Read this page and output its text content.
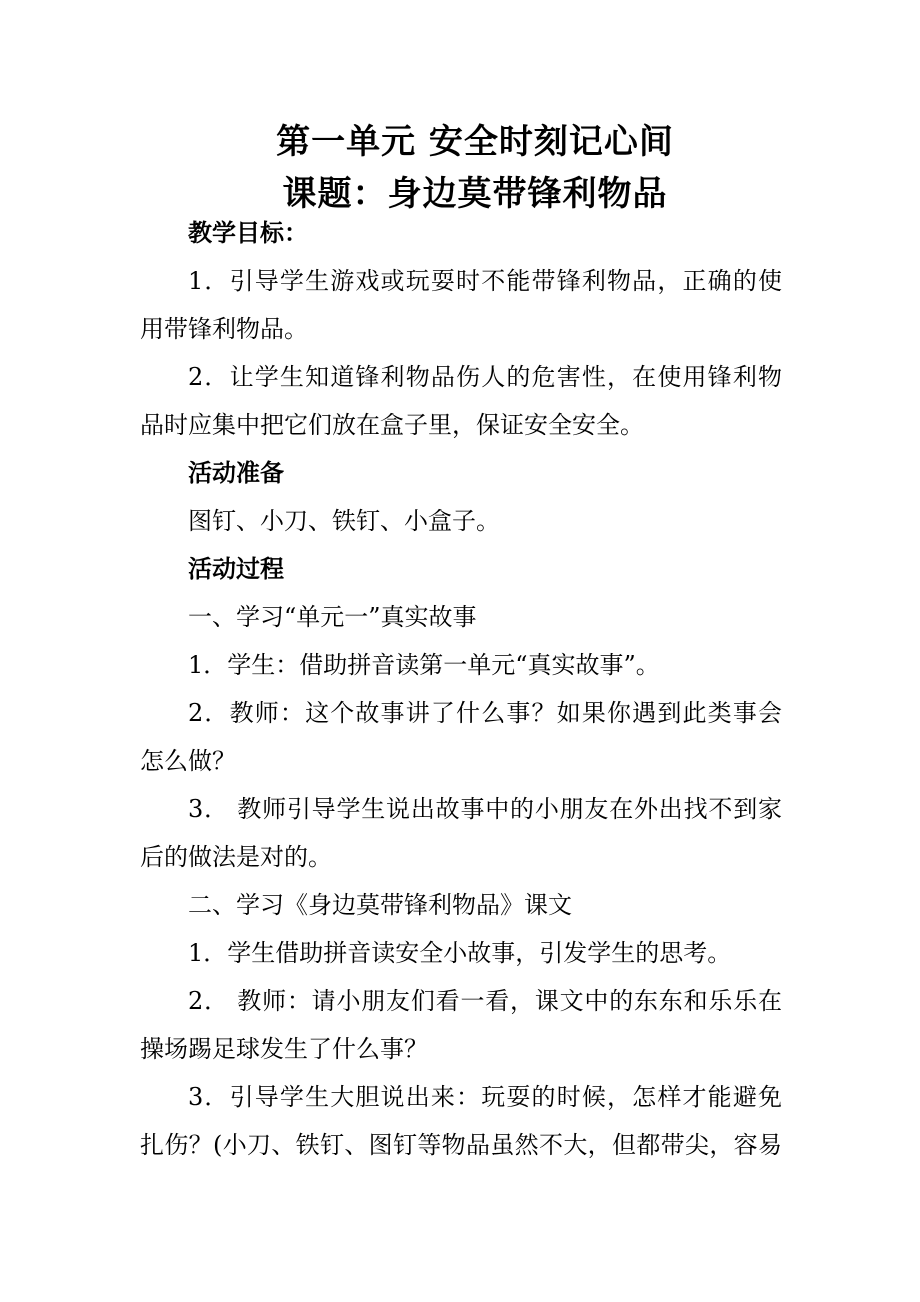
第一单元 安全时刻记心间
课题：身边莫带锋利物品
教学目标：
1．引导学生游戏或玩耍时不能带锋利物品，正确的使
用带锋利物品。
2．让学生知道锋利物品伤人的危害性，在使用锋利物
品时应集中把它们放在盒子里，保证安全安全。
活动准备
图钉、小刀、铁钉、小盒子。
活动过程
一、学习“单元一”真实故事
1．学生：借助拼音读第一单元“真实故事”。
2．教师：这个故事讲了什么事？如果你遇到此类事会
怎么做？
3． 教师引导学生说出故事中的小朋友在外出找不到家
后的做法是对的。
二、学习《身边莫带锋利物品》课文
1．学生借助拼音读安全小故事，引发学生的思考。
2． 教师：请小朋友们看一看，课文中的东东和乐乐在
操场踢足球发生了什么事？
3．引导学生大胆说出来：玩耍的时候，怎样才能避免
扎伤？(小刀、铁钉、图钉等物品虽然不大，但都带尖，容易
